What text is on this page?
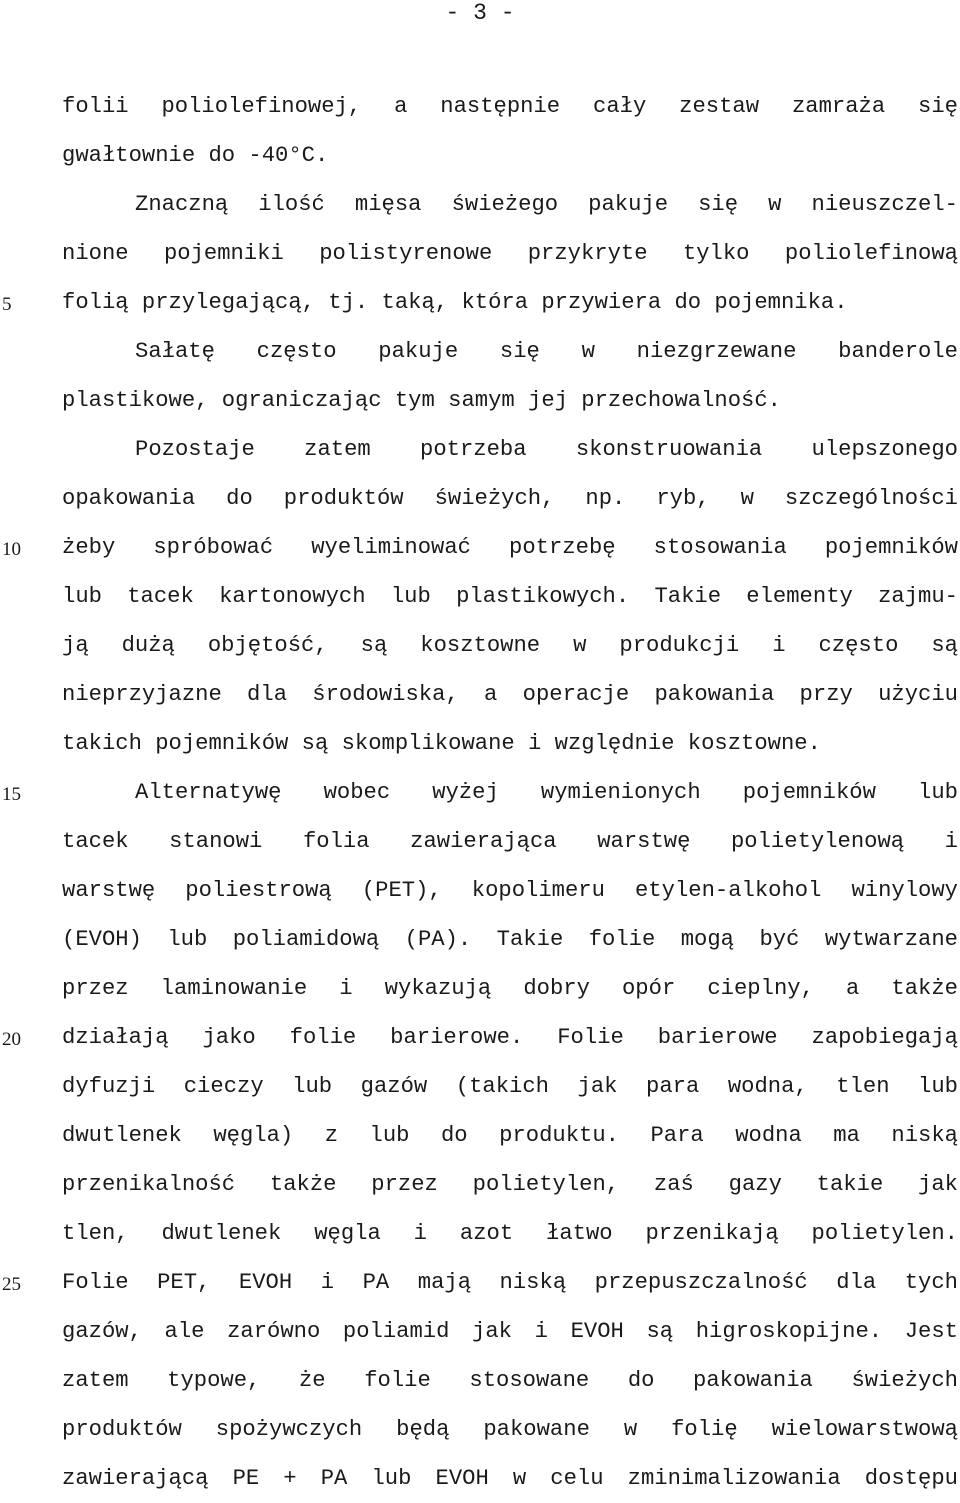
- 3 -
5
10
15
20
25
folii poliolefinowej, a następnie cały zestaw zamraża się
gwałtownie do -40°C.
Znaczną ilość mięsa świeżego pakuje się w nieuszczel-
nione pojemniki polistyrenowe przykryte tylko poliolefinową
folią przylegającą, tj. taką, która przywiera do pojemnika.
Sałatę często pakuje się w niezgrzewane banderole
plastikowe, ograniczając tym samym jej przechowalność.
Pozostaje zatem potrzeba skonstruowania ulepszonego
opakowania do produktów świeżych, np. ryb, w szczególności
żeby spróbować wyeliminować potrzebę stosowania pojemników
lub tacek kartonowych lub plastikowych. Takie elementy zajmu-
ją dużą objętość, są kosztowne w produkcji i często są
nieprzyjazne dla środowiska, a operacje pakowania przy użyciu
takich pojemników są skomplikowane i względnie kosztowne.
Alternatywę wobec wyżej wymienionych pojemników lub
tacek stanowi folia zawierająca warstwę polietylenową i
warstwę poliestrową (PET), kopolimeru etylen-alkohol winylowy
(EVOH) lub poliamidową (PA). Takie folie mogą być wytwarzane
przez laminowanie i wykazują dobry opór cieplny, a także
działają jako folie barierowe. Folie barierowe zapobiegają
dyfuzji cieczy lub gazów (takich jak para wodna, tlen lub
dwutlenek węgla) z lub do produktu. Para wodna ma niską
przenikalność także przez polietylen, zaś gazy takie jak
tlen, dwutlenek węgla i azot łatwo przenikają polietylen.
Folie PET, EVOH i PA mają niską przepuszczalność dla tych
gazów, ale zarówno poliamid jak i EVOH są higroskopijne. Jest
zatem typowe, że folie stosowane do pakowania świeżych
produktów spożywczych będą pakowane w folię wielowarstwową
zawierającą PE + PA lub EVOH w celu zminimalizowania dostępu
